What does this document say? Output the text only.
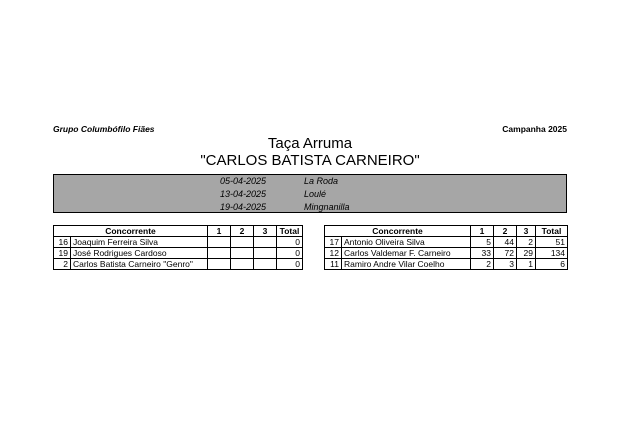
Grupo Columbófilo Fiães	Campanha 2025
Taça Arruma
"CARLOS BATISTA CARNEIRO"
05-04-2025	La Roda
13-04-2025	Loulé
19-04-2025	Mingnanilla
Concorrente		1	2	3	Total
16	Joaquim Ferreira Silva				0
19	José Rodrigues Cardoso				0
2	Carlos Batista Carneiro "Genro"				0
Concorrente		1	2	3	Total
17	Antonio Oliveira Silva	5	44	2	51
12	Carlos Valdemar F. Carneiro	33	72	29	134
11	Ramiro Andre Vilar Coelho	2	3	1	6
